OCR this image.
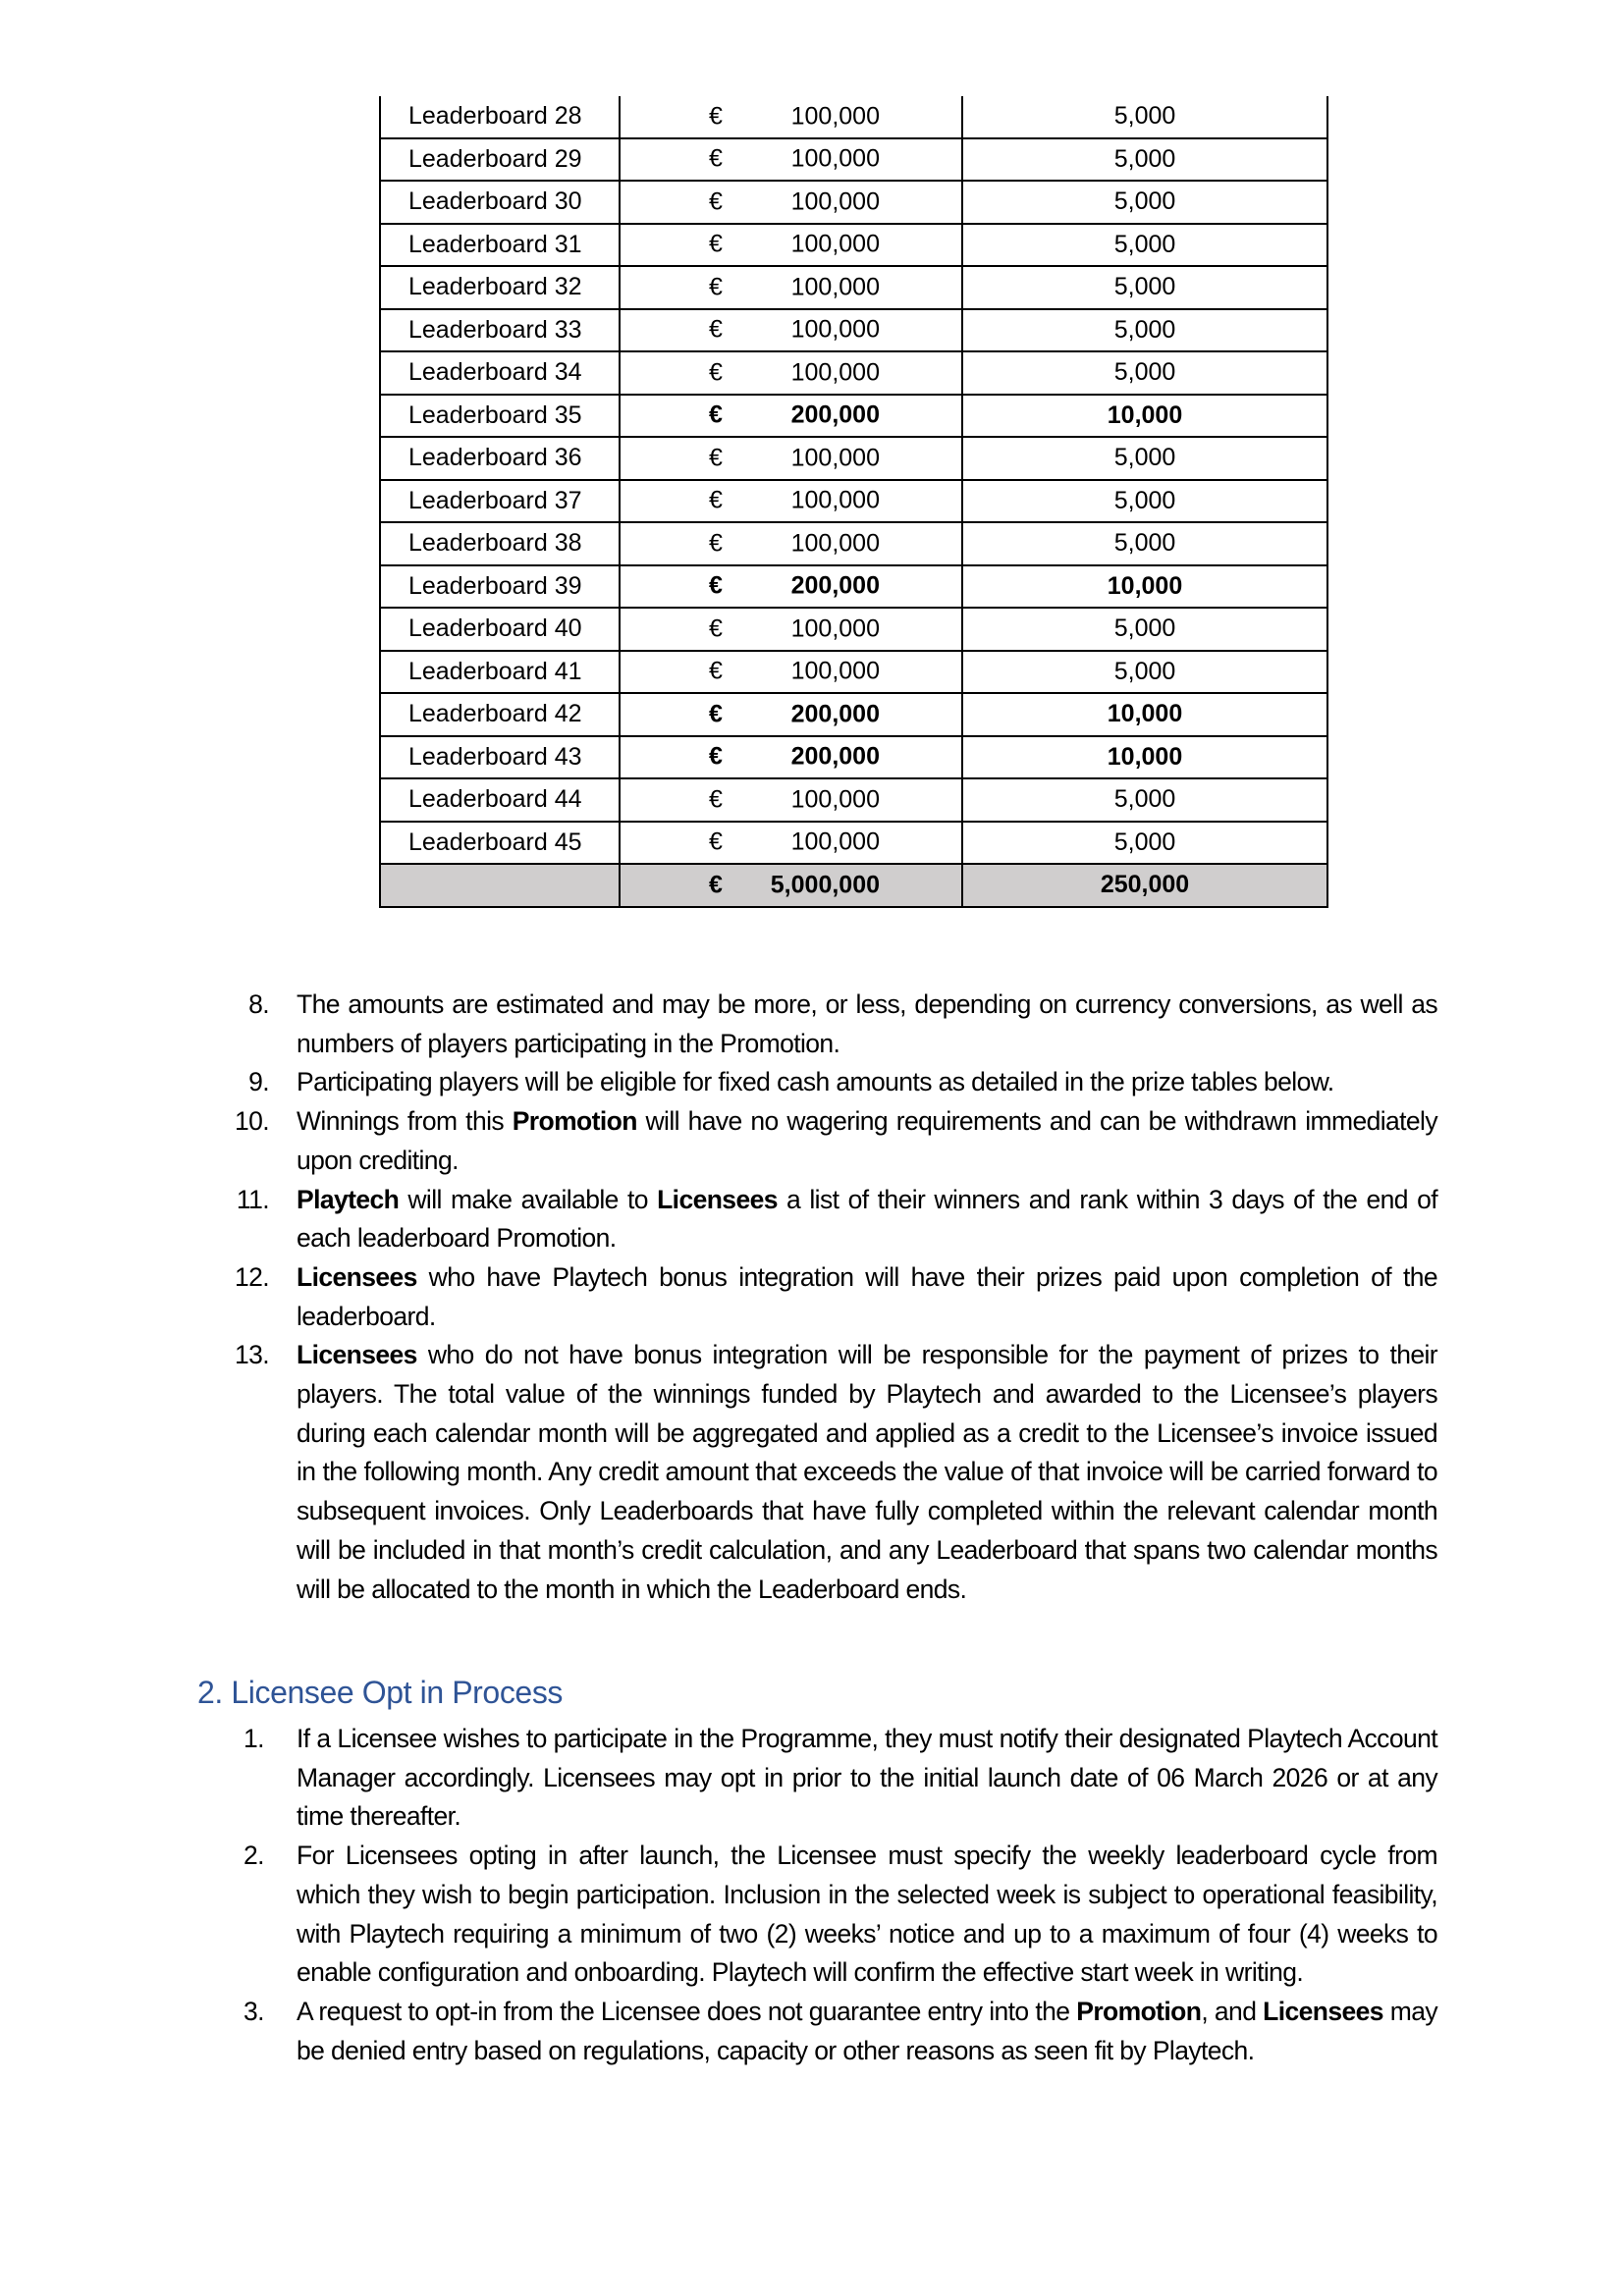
Leaderboard 28	€ 100,000	5,000
Leaderboard 29	€ 100,000	5,000
Leaderboard 30	€ 100,000	5,000
Leaderboard 31	€ 100,000	5,000
Leaderboard 32	€ 100,000	5,000
Leaderboard 33	€ 100,000	5,000
Leaderboard 34	€ 100,000	5,000
Leaderboard 35	€ 200,000	10,000
Leaderboard 36	€ 100,000	5,000
Leaderboard 37	€ 100,000	5,000
Leaderboard 38	€ 100,000	5,000
Leaderboard 39	€ 200,000	10,000
Leaderboard 40	€ 100,000	5,000
Leaderboard 41	€ 100,000	5,000
Leaderboard 42	€ 200,000	10,000
Leaderboard 43	€ 200,000	10,000
Leaderboard 44	€ 100,000	5,000
Leaderboard 45	€ 100,000	5,000

	€ 5,000,000	250,000
8. The amounts are estimated and may be more, or less, depending on currency conversions, as well as numbers of players participating in the Promotion.
9. Participating players will be eligible for fixed cash amounts as detailed in the prize tables below.
10. Winnings from this Promotion will have no wagering requirements and can be withdrawn immediately upon crediting.
11. Playtech will make available to Licensees a list of their winners and rank within 3 days of the end of each leaderboard Promotion.
12. Licensees who have Playtech bonus integration will have their prizes paid upon completion of the leaderboard.
13. Licensees who do not have bonus integration will be responsible for the payment of prizes to their players. The total value of the winnings funded by Playtech and awarded to the Licensee’s players during each calendar month will be aggregated and applied as a credit to the Licensee’s invoice issued in the following month. Any credit amount that exceeds the value of that invoice will be carried forward to subsequent invoices. Only Leaderboards that have fully completed within the relevant calendar month will be included in that month’s credit calculation, and any Leaderboard that spans two calendar months will be allocated to the month in which the Leaderboard ends.
2. Licensee Opt in Process
1.	If a Licensee wishes to participate in the Programme, they must notify their designated Playtech Account Manager accordingly. Licensees may opt in prior to the initial launch date of 06 March 2026 or at any time thereafter.
2.	For Licensees opting in after launch, the Licensee must specify the weekly leaderboard cycle from which they wish to begin participation. Inclusion in the selected week is subject to operational feasibility, with Playtech requiring a minimum of two (2) weeks’ notice and up to a maximum of four (4) weeks to enable configuration and onboarding. Playtech will confirm the effective start week in writing.
3.	A request to opt-in from the Licensee does not guarantee entry into the Promotion, and Licensees may be denied entry based on regulations, capacity or other reasons as seen fit by Playtech.
